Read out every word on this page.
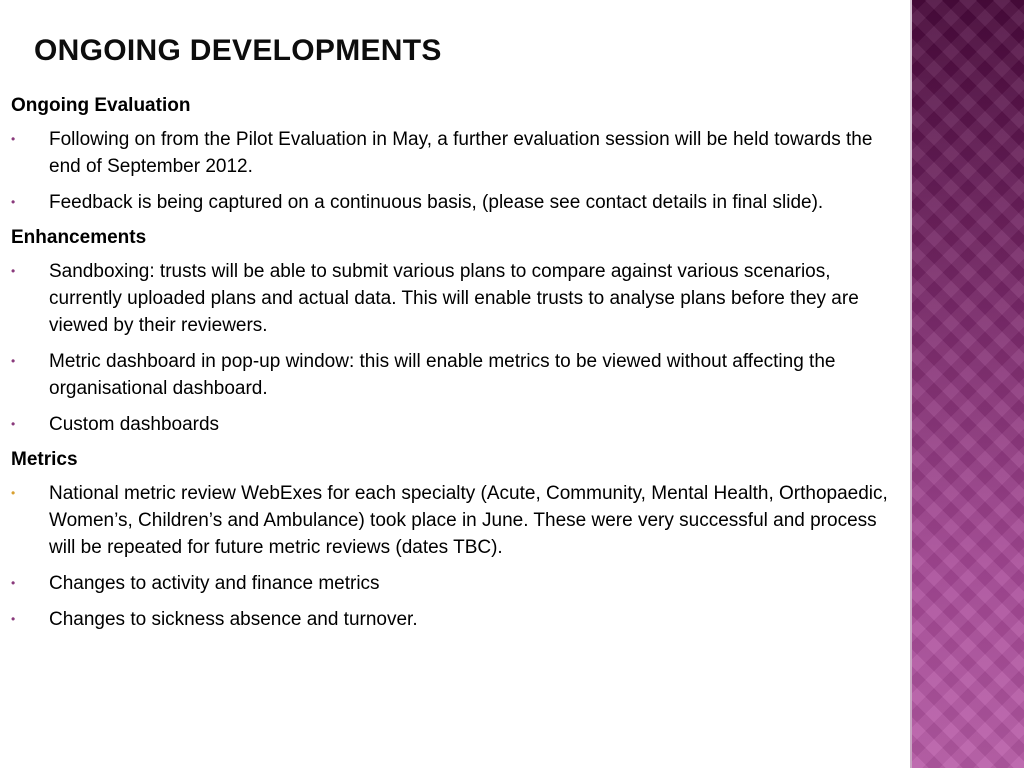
ONGOING DEVELOPMENTS
Ongoing Evaluation
• Following on from the Pilot Evaluation in May, a further evaluation session will be held towards the end of September 2012.
• Feedback is being captured on a continuous basis, (please see contact details in final slide).
Enhancements
• Sandboxing: trusts will be able to submit various plans to compare against various scenarios, currently uploaded plans and actual data. This will enable trusts to analyse plans before they are viewed by their reviewers.
• Metric dashboard in pop-up window: this will enable metrics to be viewed without affecting the organisational dashboard.
• Custom dashboards
Metrics
• National metric review WebExes for each specialty (Acute, Community, Mental Health, Orthopaedic, Women’s, Children’s and Ambulance) took place in June. These were very successful and process will be repeated for future metric reviews (dates TBC).
• Changes to activity and finance metrics
• Changes to sickness absence and turnover.
